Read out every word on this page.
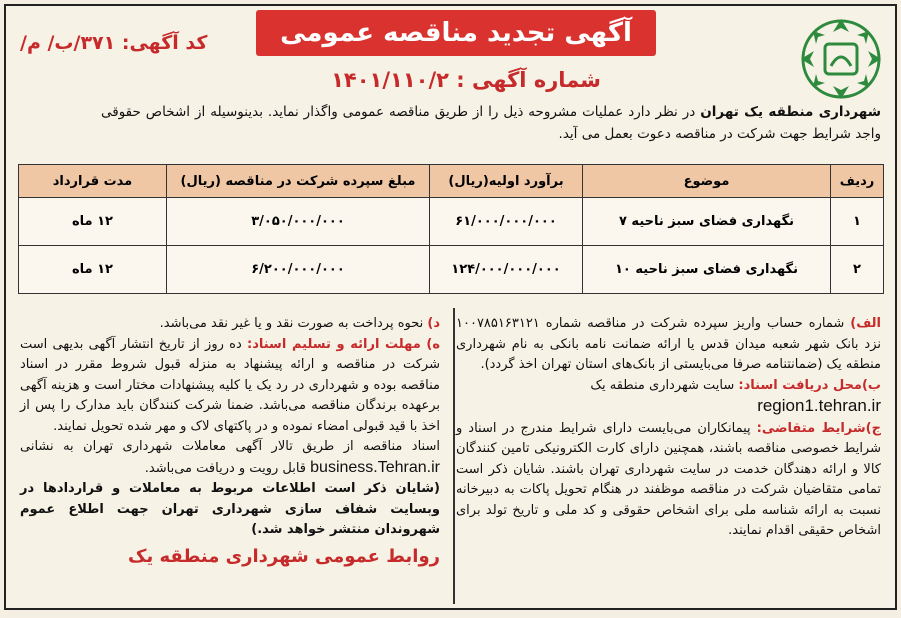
آگهی تجدید مناقصه عمومی
کد آگهی: ۳۷۱/ب/ م/
شماره آگهی : ۱۴۰۱/۱۱۰/۲
شهرداری منطقه یک تهران در نظر دارد عملیات مشروحه ذیل را از طریق مناقصه عمومی واگذار نماید. بدینوسیله از اشخاص حقوقی واجد شرایط جهت شرکت در مناقصه دعوت بعمل می آید.
ردیف	موضوع	برآورد اولیه(ریال)	مبلغ سپرده شرکت در مناقصه (ریال)	مدت قرارداد
۱	نگهداری فضای سبز ناحیه ۷	۶۱/۰۰۰/۰۰۰/۰۰۰	۳/۰۵۰/۰۰۰/۰۰۰	۱۲ ماه
۲	نگهداری فضای سبز ناحیه ۱۰	۱۲۴/۰۰۰/۰۰۰/۰۰۰	۶/۲۰۰/۰۰۰/۰۰۰	۱۲ ماه

الف) شماره حساب واریز سپرده شرکت در مناقصه شماره ۱۰۰۷۸۵۱۶۳۱۲۱ نزد بانک شهر شعبه میدان قدس یا ارائه ضمانت نامه بانکی به نام شهرداری منطقه یک (ضمانتنامه صرفا می‌بایستی از بانک‌های استان تهران اخذ گردد).

ب)محل دریافت اسناد: سایت شهرداری منطقه یک
region1.tehran.ir

ج)شرایط متقاضی: پیمانکاران می‌بایست دارای شرایط مندرج در اسناد و شرایط خصوصی مناقصه باشند، همچنین دارای کارت الکترونیکی تامین کنندگان کالا و ارائه دهندگان خدمت در سایت شهرداری تهران باشند. شایان ذکر است تمامی متقاضیان شرکت در مناقصه موظفند در هنگام تحویل پاکات به دبیرخانه نسبت به ارائه شناسه ملی برای اشخاص حقوقی و کد ملی و تاریخ تولد برای اشخاص حقیقی اقدام نمایند.

د) نحوه پرداخت به صورت نقد و یا غیر نقد می‌باشد.

ه) مهلت ارائه و تسلیم اسناد: ده روز از تاریخ انتشار آگهی بدیهی است شرکت در مناقصه و ارائه پیشنهاد به منزله قبول شروط مقرر در اسناد مناقصه بوده و شهرداری در رد یک یا کلیه پیشنهادات مختار است و هزینه آگهی برعهده برندگان مناقصه می‌باشد. ضمنا شرکت کنندگان باید مدارک را پس از اخذ با قید قبولی امضاء نموده و در پاکتهای لاک و مهر شده تحویل نمایند.

اسناد مناقصه از طریق تالار آگهی معاملات شهرداری تهران به نشانی business.Tehran.ir قابل رویت و دریافت می‌باشد.

(شایان ذکر است اطلاعات مربوط به معاملات و قراردادها در وبسایت شفاف سازی شهرداری تهران جهت اطلاع عموم شهروندان منتشر خواهد شد.)

روابط عمومی شهرداری منطقه یک
